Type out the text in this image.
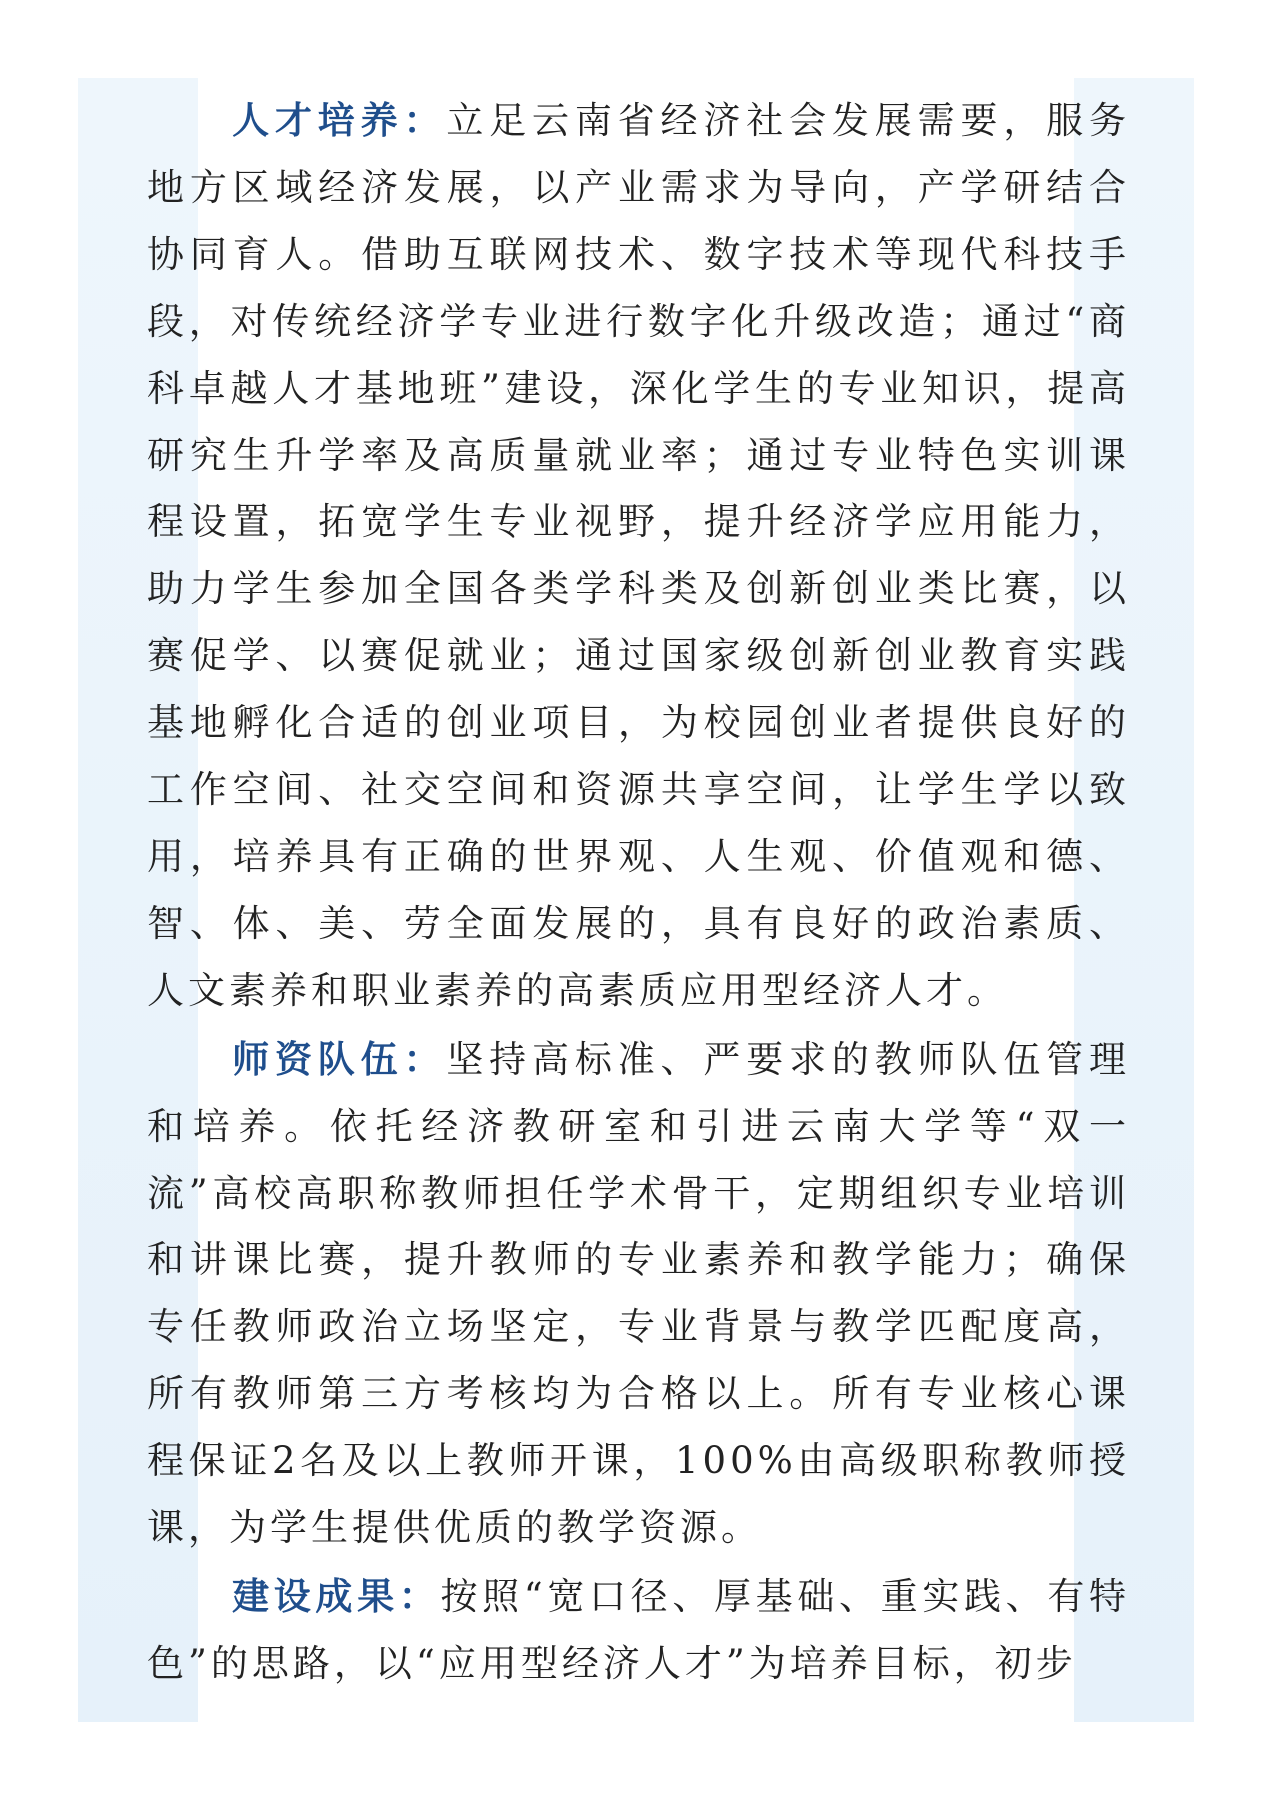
人才培养：立足云南省经济社会发展需要，服务地方区域经济发展，以产业需求为导向，产学研结合协同育人。借助互联网技术、数字技术等现代科技手段，对传统经济学专业进行数字化升级改造；通过“商科卓越人才基地班”建设，深化学生的专业知识，提高研究生升学率及高质量就业率；通过专业特色实训课程设置，拓宽学生专业视野，提升经济学应用能力，助力学生参加全国各类学科类及创新创业类比赛，以赛促学、以赛促就业；通过国家级创新创业教育实践基地孵化合适的创业项目，为校园创业者提供良好的工作空间、社交空间和资源共享空间，让学生学以致用，培养具有正确的世界观、人生观、价值观和德、智、体、美、劳全面发展的，具有良好的政治素质、人文素养和职业素养的高素质应用型经济人才。

师资队伍：坚持高标准、严要求的教师队伍管理和培养。依托经济教研室和引进云南大学等“双一流”高校高职称教师担任学术骨干，定期组织专业培训和讲课比赛，提升教师的专业素养和教学能力；确保专任教师政治立场坚定，专业背景与教学匹配度高，所有教师第三方考核均为合格以上。所有专业核心课程保证2名及以上教师开课，100%由高级职称教师授课，为学生提供优质的教学资源。

建设成果：按照“宽口径、厚基础、重实践、有特色”的思路，以“应用型经济人才”为培养目标，初步
